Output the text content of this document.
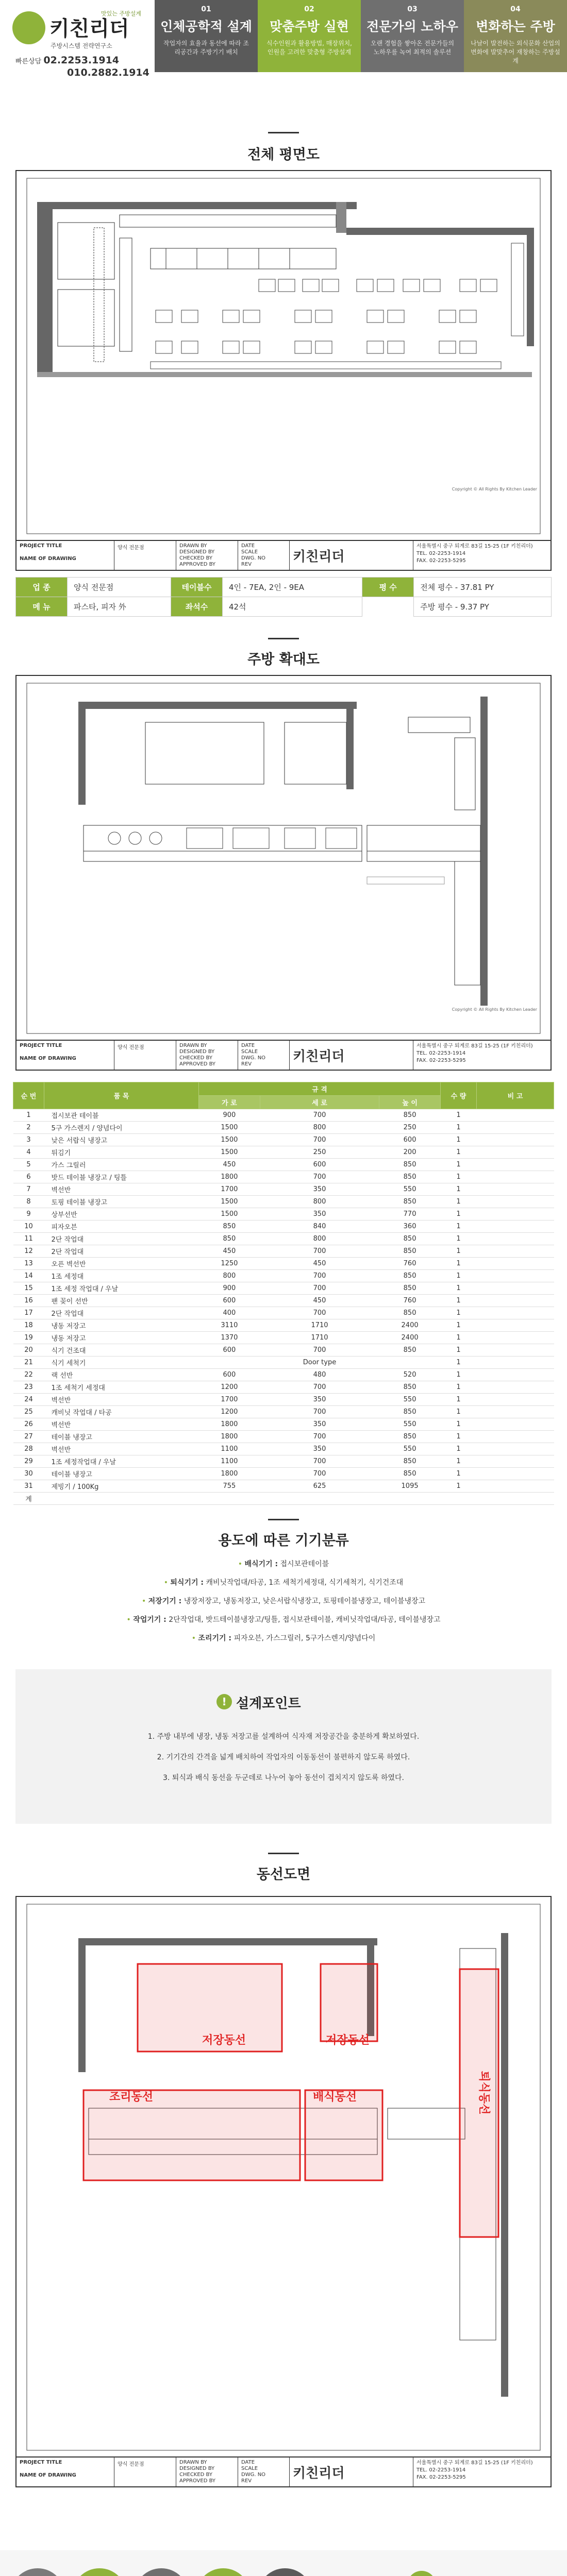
키친리더
맛있는 주방설계
주방시스템 전략연구소
빠른상담 02.2253.1914
010.2882.1914
01
인체공학적 설계
작업자의 효율과 동선에 따라 조리공간과 주방기기 배치
02
맞춤주방 실현
식수인원과 활용방법, 매장위치, 인원을 고려한 맞춤형 주방설계
03
전문가의 노하우
오랜 경험을 쌓아온 전문가들의 노하우를 녹여 최적의 솔루션
04
변화하는 주방
나날이 발전하는 외식문화 산업의 변화에 발맞추어 재창하는 주방설계
전체 평면도
Copyright © All Rights By Kitchen Leader
PROJECT TITLE
NAME OF DRAWING
양식 전문점	DRAWN BY
DESIGNED BY
CHECKED BY
APPROVED BY
DATE
SCALE
DWG. NO
REV	키친리더
서울특별시 중구 퇴계로 83길 15-25 (1F 키친리더)
TEL. 02-2253-1914
FAX. 02-2253-5295
업 종	양식 전문점	테이블수	4인 - 7EA, 2인 - 9EA	평 수	전체 평수 - 37.81 PY
메 뉴	파스타, 피자 外	좌석수	42석		주방 평수 - 9.37 PY
주방 확대도
Copyright © All Rights By Kitchen Leader
PROJECT TITLE
NAME OF DRAWING
양식 전문점	DRAWN BY
DESIGNED BY
CHECKED BY
APPROVED BY
DATE
SCALE
DWG. NO
REV	키친리더
서울특별시 중구 퇴계로 83길 15-25 (1F 키친리더)
TEL. 02-2253-1914
FAX. 02-2253-5295
순 번	품 목	규 격			수 량	비 고
		가 로	세 로	높 이		
1	접시보관 테이블	900	700	850	1	
2	5구 가스렌지 / 양념다이	1500	800	250	1	
3	낮은 서랍식 냉장고	1500	700	600	1	
4	튀김기	1500	250	200	1	
5	가스 그릴러	450	600	850	1	
6	밧드 테이블 냉장고 / 팅틀	1800	700	850	1	
7	벽선반	1700	350	550	1	
8	토핑 테이블 냉장고	1500	800	850	1	
9	상부선반	1500	350	770	1	
10	피자오븐	850	840	360	1	
11	2단 작업대	850	800	850	1	
12	2단 작업대	450	700	850	1	
13	오픈 벽선반	1250	450	760	1	
14	1조 세정대	800	700	850	1	
15	1조 세정 작업대 / 우날	900	700	850	1	
16	팬 꽂이 선반	600	450	760	1	
17	2단 작업대	400	700	850	1	
18	냉동 저장고	3110	1710	2400	1	
19	냉동 저장고	1370	1710	2400	1	
20	식기 건조대	600	700	850	1	
21	식기 세척기		Door type		1	
22	랙 선반	600	480	520	1	
23	1조 세척기 세정대	1200	700	850	1	
24	벽선반	1700	350	550	1	
25	캐비닛 작업대 / 타공	1200	700	850	1	
26	벽선반	1800	350	550	1	
27	테이블 냉장고	1800	700	850	1	
28	벽선반	1100	350	550	1	
29	1조 세정작업대 / 우날	1100	700	850	1	
30	테이블 냉장고	1800	700	850	1	
31	제빙기 / 100Kg	755	625	1095	1	
계						
용도에 따른 기기분류
• 배식기기 : 접시보관테이블
• 퇴식기기 : 캐비닛작업대/타공, 1조 세척기세정대, 식기세척기, 식기건조대
• 저장기기 : 냉장저장고, 냉동저장고, 낮은서랍식냉장고, 토핑테이블냉장고, 테이블냉장고
• 작업기기 : 2단작업대, 밧드테이블냉장고/팅틀, 접시보관테이블, 캐비닛작업대/타공, 테이블냉장고
• 조리기기 : 피자오븐, 가스그릴러, 5구가스렌지/양념다이
! 설계포인트
1. 주방 내부에 냉장, 냉동 저장고를 설계하여 식자재 저장공간을 충분하게 확보하였다.
2. 기기간의 간격을 넓게 배치하여 작업자의 이동동선이 불편하지 않도록 하였다.
3. 퇴식과 배식 동선을 두군데로 나누어 놓아 동선이 겹치지지 않도록 하였다.
동선도면
저장동선	저장동선
조리동선	배식동선	퇴식동선
PROJECT TITLE
NAME OF DRAWING
양식 전문점	DRAWN BY
DESIGNED BY
CHECKED BY
APPROVED BY
DATE
SCALE
DWG. NO
REV	키친리더
서울특별시 중구 퇴계로 83길 15-25 (1F 키친리더)
TEL. 02-2253-1914
FAX. 02-2253-5295
